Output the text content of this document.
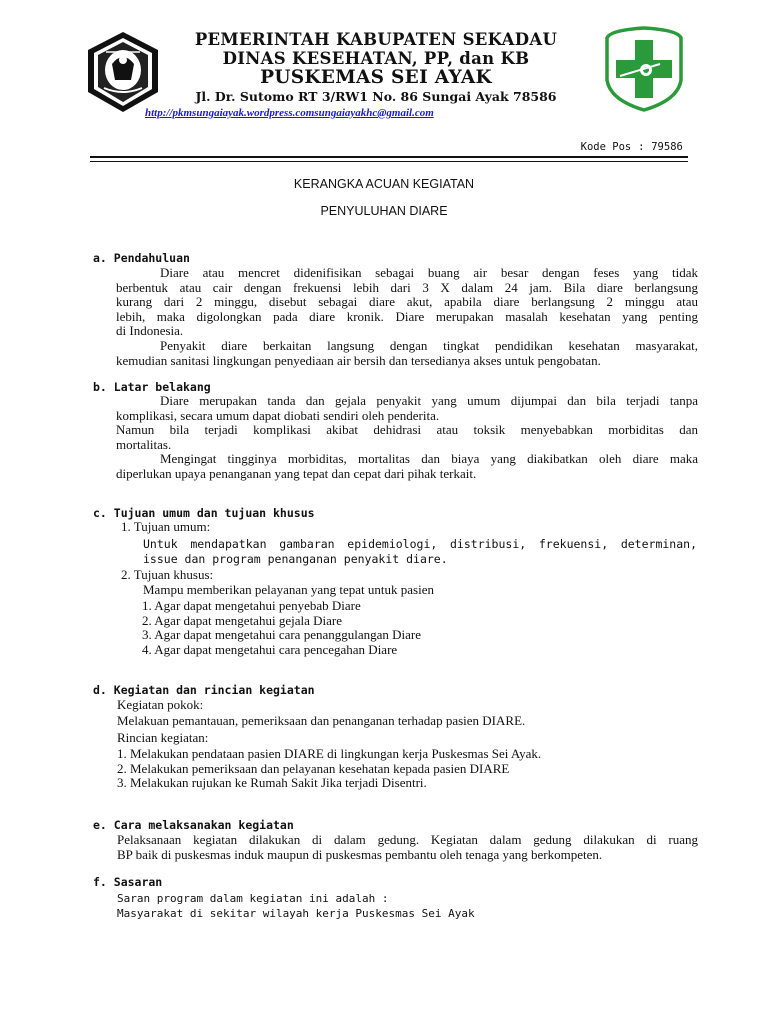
PEMERINTAH KABUPATEN SEKADAU
DINAS KESEHATAN, PP, dan KB
PUSKEMAS SEI AYAK
Jl. Dr. Sutomo RT 3/RW1 No. 86 Sungai Ayak 78586
http://pkmsungaiayak.wordpress.comsungaiayakhc@gmail.com

Kode Pos : 79586

KERANGKA ACUAN KEGIATAN
PENYULUHAN DIARE
a. Pendahuluan
Diare atau mencret didenifisikan sebagai buang air besar dengan feses yang tidak
berbentuk atau cair dengan frekuensi lebih dari 3 X dalam 24 jam. Bila diare berlangsung
kurang dari 2 minggu, disebut sebagai diare akut, apabila diare berlangsung 2 minggu atau
lebih, maka digolongkan pada diare kronik. Diare merupakan masalah kesehatan yang penting
di Indonesia.
Penyakit diare berkaitan langsung dengan tingkat pendidikan kesehatan masyarakat,
kemudian sanitasi lingkungan penyediaan air bersih dan tersedianya akses untuk pengobatan.
b. Latar belakang
Diare merupakan tanda dan gejala penyakit yang umum dijumpai dan bila terjadi tanpa
komplikasi, secara umum dapat diobati sendiri oleh penderita.
Namun bila terjadi komplikasi akibat dehidrasi atau toksik menyebabkan morbiditas dan
mortalitas.
Mengingat tingginya morbiditas, mortalitas dan biaya yang diakibatkan oleh diare maka
diperlukan upaya penanganan yang tepat dan cepat dari pihak terkait.
c. Tujuan umum dan tujuan khusus
1. Tujuan umum:
Untuk mendapatkan gambaran epidemiologi, distribusi, frekuensi, determinan,
issue dan program penanganan penyakit diare.
2. Tujuan khusus:
Mampu memberikan pelayanan yang tepat untuk pasien
1. Agar dapat mengetahui penyebab Diare
2. Agar dapat mengetahui gejala Diare
3. Agar dapat mengetahui cara penanggulangan Diare
4. Agar dapat mengetahui cara pencegahan Diare
d. Kegiatan dan rincian kegiatan
Kegiatan pokok:
Melakuan pemantauan, pemeriksaan dan penanganan terhadap pasien DIARE.
Rincian kegiatan:
1. Melakukan pendataan pasien DIARE di lingkungan kerja Puskesmas Sei Ayak.
2. Melakukan pemeriksaan dan pelayanan kesehatan kepada pasien DIARE
3. Melakukan rujukan ke Rumah Sakit Jika terjadi Disentri.
e. Cara melaksanakan kegiatan
Pelaksanaan kegiatan dilakukan di dalam gedung. Kegiatan dalam gedung dilakukan di ruang
BP baik di puskesmas induk maupun di puskesmas pembantu oleh tenaga yang berkompeten.
f. Sasaran
Saran program dalam kegiatan ini adalah :
Masyarakat di sekitar wilayah kerja Puskesmas Sei Ayak
